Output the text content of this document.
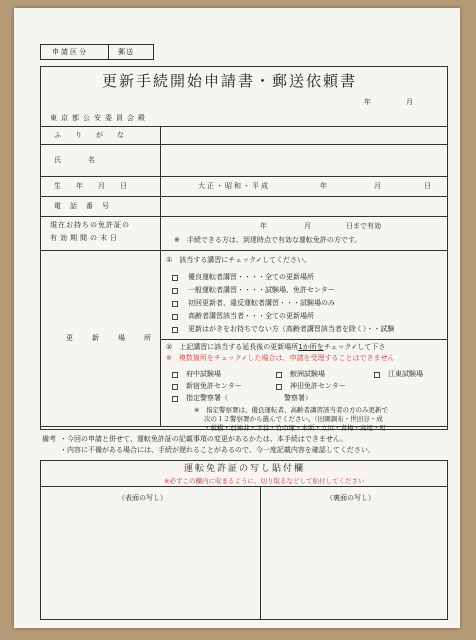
申請区分	郵送
更新手続開始申請書・郵送依頼書
年	月
東京都公安委員会殿
ふりがな
氏　名
生　年　月　日	大正・昭和・平成	年	月	日
電話番号
現在お持ちの免許証の
有効期間の末日
年	月	日まで有効
※　手続できる方は、到達時点で有効な運転免許の方です。
更　新　場　所
①　該当する講習にチェック✓してください。
優良運転者講習・・・・全ての更新場所
一般運転者講習・・・・試験場、免許センター
初回更新者、違反運転者講習・・・試験場のみ
高齢者講習該当者・・・全ての更新場所
更新はがきをお持ちでない方（高齢者講習該当者を除く）・・試験
②　上記講習に該当する延長後の更新場所1か所をチェック✓して下さ
※　複数箇所をチェック✓した場合は、申請を受理することはできません
府中試験場	鮫洲試験場	江東試験場
新宿免許センター	神田免許センター
指定警察署（　　　　　　　　警察署）
※　指定警察署は、優良運転者、高齢者講習該当者の方のみ更新で
次の１２警察署から選んでください。（田園調布・世田谷・成
・板橋・石神井・下谷・竹の塚・本所・立川・青梅・高尾・町
備考 ・今回の申請と併せて、運転免許証の記載事項の変更があるかたは、本手続はできません。
・内容に不備がある場合には、手続が遅れることがあるので、今一度記載内容を確認してください。
運転免許証の写し貼付欄
※必ずこの欄内に収まるように、切り取るなどして貼付してください
（表面の写し）	（裏面の写し）
